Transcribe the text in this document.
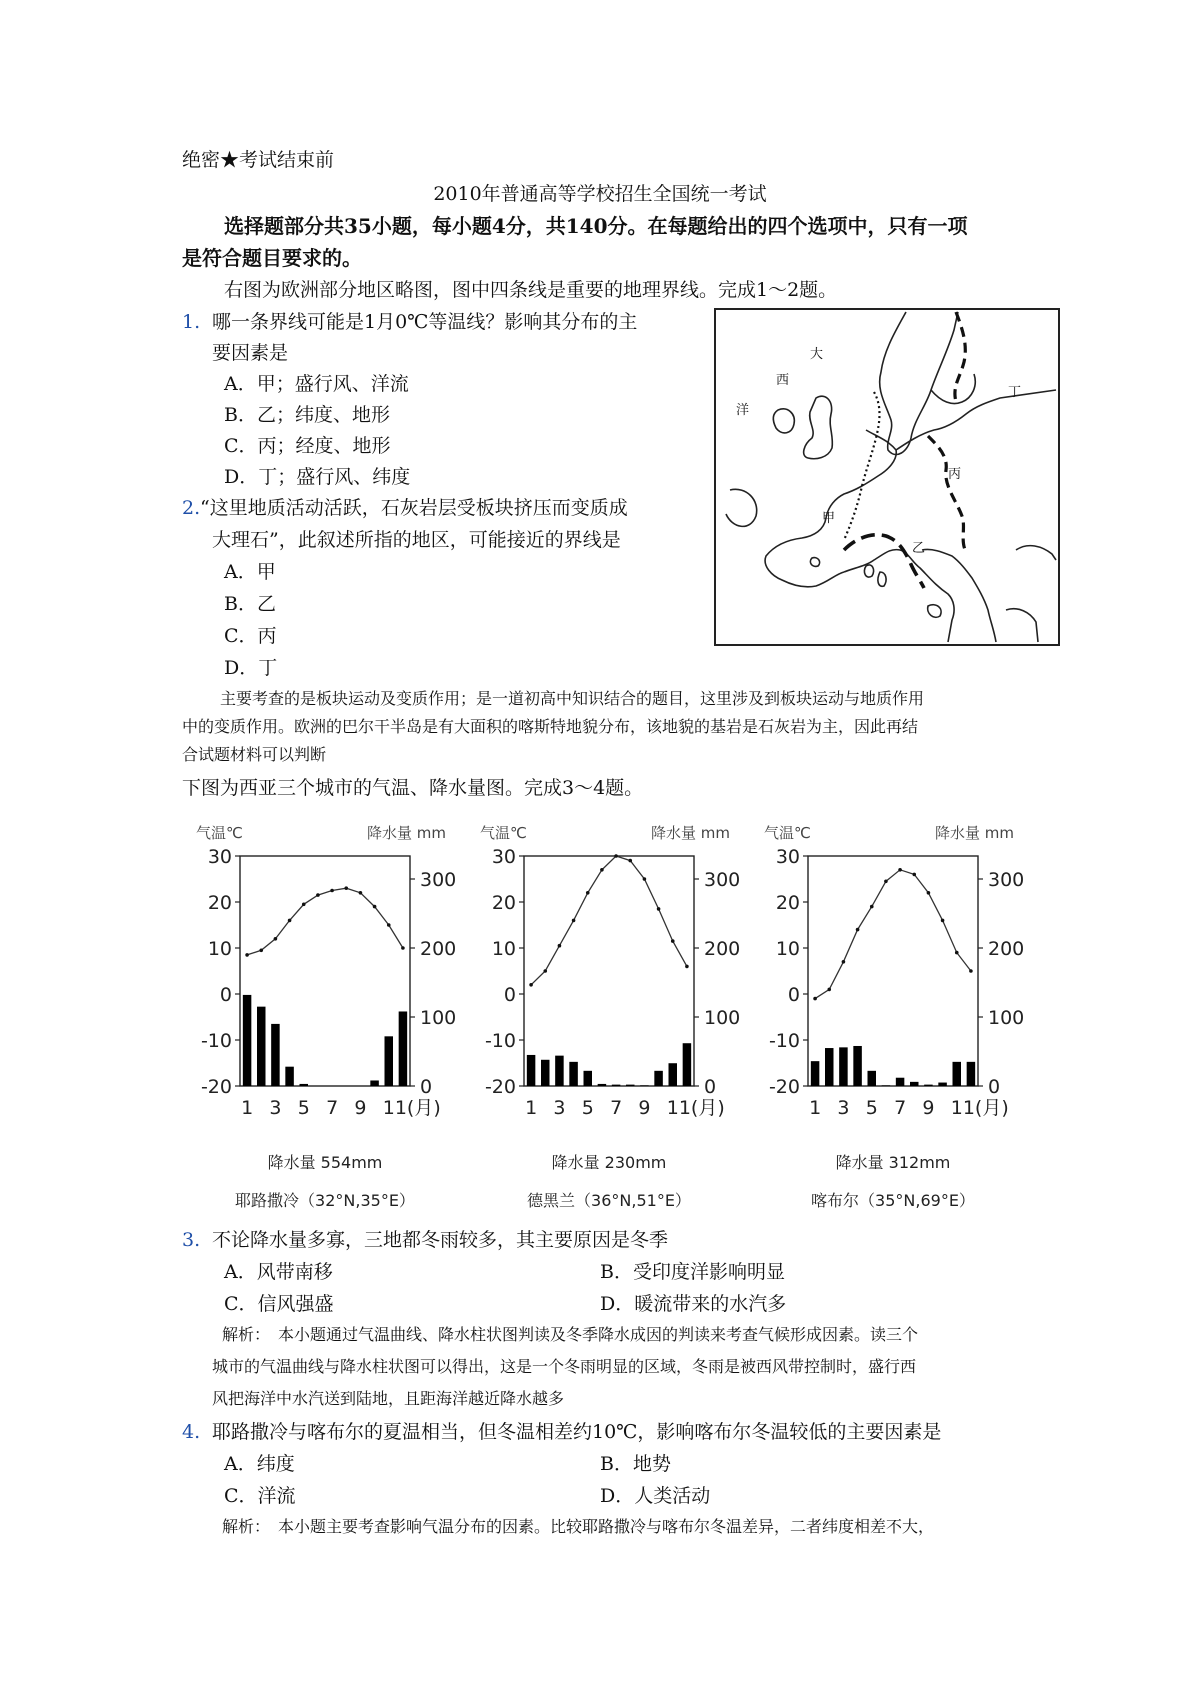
绝密★考试结束前
2010年普通高等学校招生全国统一考试
选择题部分共35小题，每小题4分，共140分。在每题给出的四个选项中，只有一项
是符合题目要求的。
右图为欧洲部分地区略图，图中四条线是重要的地理界线。完成1～2题。
1. 哪一条界线可能是1月0℃等温线？影响其分布的主
要因素是
A．甲；盛行风、洋流
B．乙；纬度、地形
C．丙；经度、地形
D．丁；盛行风、纬度
2. “这里地质活动活跃，石灰岩层受板块挤压而变质成
大理石”，此叙述所指的地区，可能接近的界线是
A．甲
B．乙
C．丙
D．丁
大
西
洋
丁
丙
甲
乙
主要考查的是板块运动及变质作用；是一道初高中知识结合的题目，这里涉及到板块运动与地质作用
中的变质作用。欧洲的巴尔干半岛是有大面积的喀斯特地貌分布，该地貌的基岩是石灰岩为主，因此再结
合试题材料可以判断
下图为西亚三个城市的气温、降水量图。完成3～4题。
气温℃	降水量 mm
30
20
10
0
-10
-20
300
200
100
0
1 3 5 7 9 11(月)
降水量 554mm
耶路撒冷（32°N,35°E）
气温℃	降水量 mm
30
20
10
0
-10
-20
300
200
100
0
1 3 5 7 9 11(月)
降水量 230mm
德黑兰（36°N,51°E）
气温℃	降水量 mm
30
20
10
0
-10
-20
300
200
100
0
1 3 5 7 9 11(月)
降水量 312mm
喀布尔（35°N,69°E）
3. 不论降水量多寡，三地都冬雨较多，其主要原因是冬季
A．风带南移	B．受印度洋影响明显
C．信风强盛	D．暖流带来的水汽多
解析：　本小题通过气温曲线、降水柱状图判读及冬季降水成因的判读来考查气候形成因素。读三个
城市的气温曲线与降水柱状图可以得出，这是一个冬雨明显的区域，冬雨是被西风带控制时，盛行西
风把海洋中水汽送到陆地，且距海洋越近降水越多
4. 耶路撒冷与喀布尔的夏温相当，但冬温相差约10℃，影响喀布尔冬温较低的主要因素是
A．纬度	B．地势
C．洋流	D．人类活动
解析：　本小题主要考查影响气温分布的因素。比较耶路撒冷与喀布尔冬温差异，二者纬度相差不大，
